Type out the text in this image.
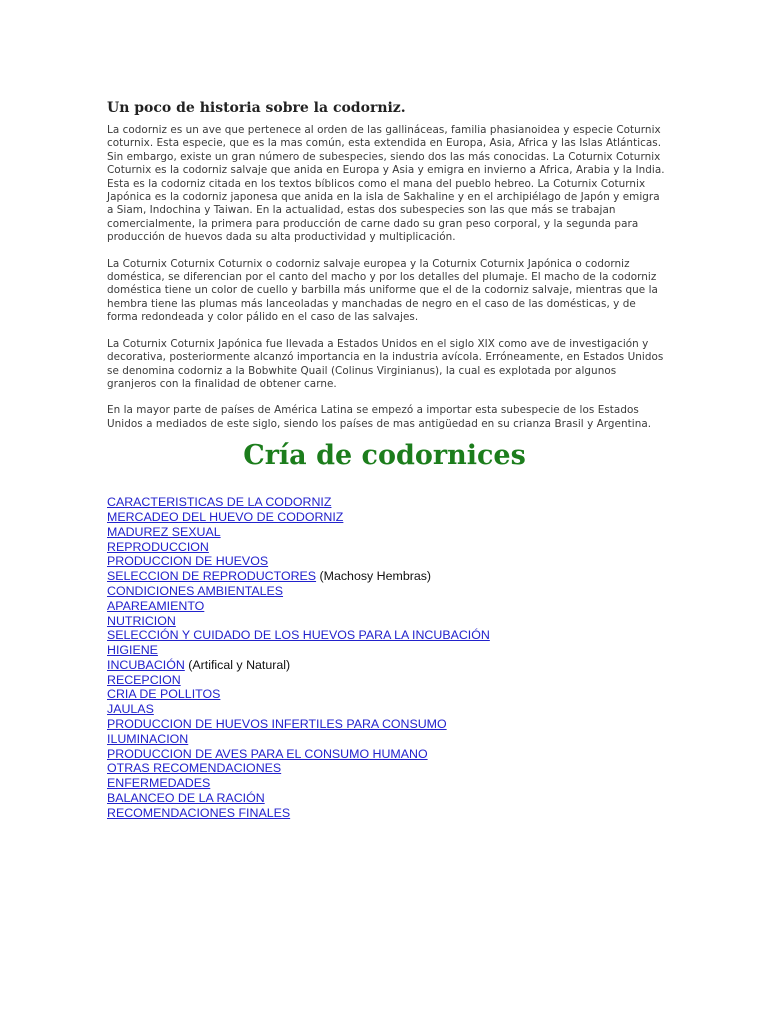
Un poco de historia sobre la codorniz.

La codorniz es un ave que pertenece al orden de las gallináceas, familia phasianoidea y especie Coturnix coturnix. Esta especie, que es la mas común, esta extendida en Europa, Asia, Africa y las Islas Atlánticas. Sin embargo, existe un gran número de subespecies, siendo dos las más conocidas. La Coturnix Coturnix Coturnix es la codorniz salvaje que anida en Europa y Asia y emigra en invierno a Africa, Arabia y la India. Esta es la codorniz citada en los textos bíblicos como el mana del pueblo hebreo. La Coturnix Coturnix Japónica es la codorniz japonesa que anida en la isla de Sakhaline y en el archipiélago de Japón y emigra a Siam, Indochina y Taiwan. En la actualidad, estas dos subespecies son las que más se trabajan comercialmente, la primera para producción de carne dado su gran peso corporal, y la segunda para producción de huevos dada su alta productividad y multiplicación.

La Coturnix Coturnix Coturnix o codorniz salvaje europea y la Coturnix Coturnix Japónica o codorniz doméstica, se diferencian por el canto del macho y por los detalles del plumaje. El macho de la codorniz doméstica tiene un color de cuello y barbilla más uniforme que el de la codorniz salvaje, mientras que la hembra tiene las plumas más lanceoladas y manchadas de negro en el caso de las domésticas, y de forma redondeada y color pálido en el caso de las salvajes.

La Coturnix Coturnix Japónica fue llevada a Estados Unidos en el siglo XIX como ave de investigación y decorativa, posteriormente alcanzó importancia en la industria avícola. Erróneamente, en Estados Unidos se denomina codorniz a la Bobwhite Quail (Colinus Virginianus), la cual es explotada por algunos granjeros con la finalidad de obtener carne.

En la mayor parte de países de América Latina se empezó a importar esta subespecie de los Estados Unidos a mediados de este siglo, siendo los países de mas antigüedad en su crianza Brasil y Argentina.

Cría de codornices
CARACTERISTICAS DE LA CODORNIZ
MERCADEO DEL HUEVO DE CODORNIZ
MADUREZ SEXUAL
REPRODUCCION
PRODUCCION DE HUEVOS
SELECCION DE REPRODUCTORES (Machosy Hembras)
CONDICIONES AMBIENTALES
APAREAMIENTO
NUTRICION
SELECCIÓN Y CUIDADO DE LOS HUEVOS PARA LA INCUBACIÓN
HIGIENE
INCUBACIÓN (Artifical y Natural)
RECEPCION
CRIA DE POLLITOS
JAULAS
PRODUCCION DE HUEVOS INFERTILES PARA CONSUMO
ILUMINACION
PRODUCCION DE AVES PARA EL CONSUMO HUMANO
OTRAS RECOMENDACIONES
ENFERMEDADES
BALANCEO DE LA RACIÓN
RECOMENDACIONES FINALES
